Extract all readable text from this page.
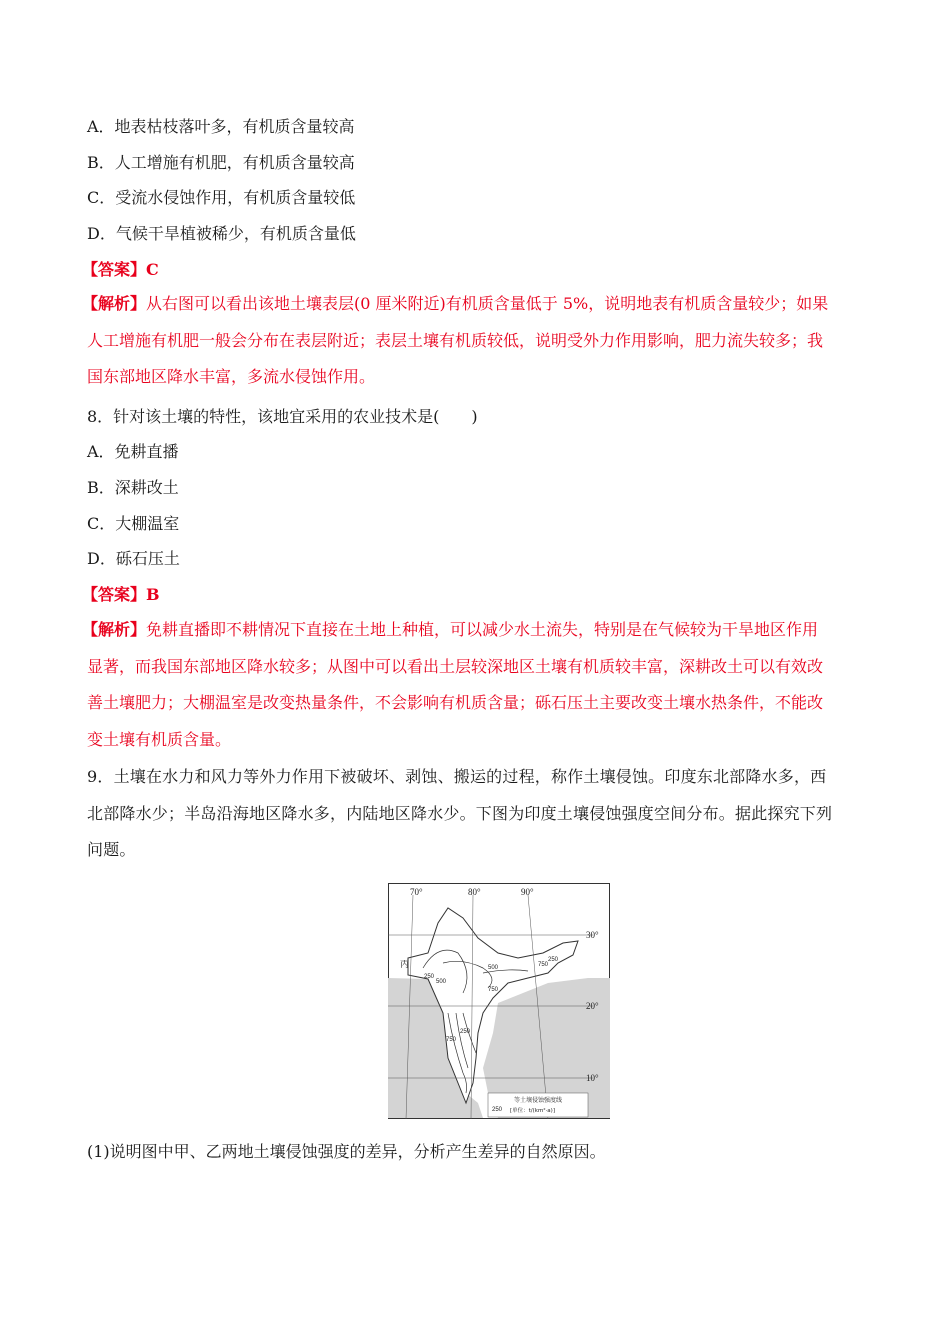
A．地表枯枝落叶多，有机质含量较高
B．人工增施有机肥，有机质含量较高
C．受流水侵蚀作用，有机质含量较低
D．气候干旱植被稀少，有机质含量低
【答案】C
【解析】从右图可以看出该地土壤表层(0 厘米附近)有机质含量低于 5%，说明地表有机质含量较少；如果
人工增施有机肥一般会分布在表层附近；表层土壤有机质较低，说明受外力作用影响，肥力流失较多；我
国东部地区降水丰富，多流水侵蚀作用。
8．针对该土壤的特性，该地宜采用的农业技术是(　　)
A．免耕直播
B．深耕改土
C．大棚温室
D．砾石压土
【答案】B
【解析】免耕直播即不耕情况下直接在土地上种植，可以减少水土流失，特别是在气候较为干旱地区作用
显著，而我国东部地区降水较多；从图中可以看出土层较深地区土壤有机质较丰富，深耕改土可以有效改
善土壤肥力；大棚温室是改变热量条件，不会影响有机质含量；砾石压土主要改变土壤水热条件，不能改
变土壤有机质含量。
9．土壤在水力和风力等外力作用下被破坏、剥蚀、搬运的过程，称作土壤侵蚀。印度东北部降水多，西
北部降水少；半岛沿海地区降水多，内陆地区降水少。下图为印度土壤侵蚀强度空间分布。据此探究下列
问题。
70°	80°	90°
30°
20°
10°
丙
250
500
750
750
250
750
250
500
等土壤侵蚀强度线
250 [单位：t/(km²·a)]
(1)说明图中甲、乙两地土壤侵蚀强度的差异，分析产生差异的自然原因。
